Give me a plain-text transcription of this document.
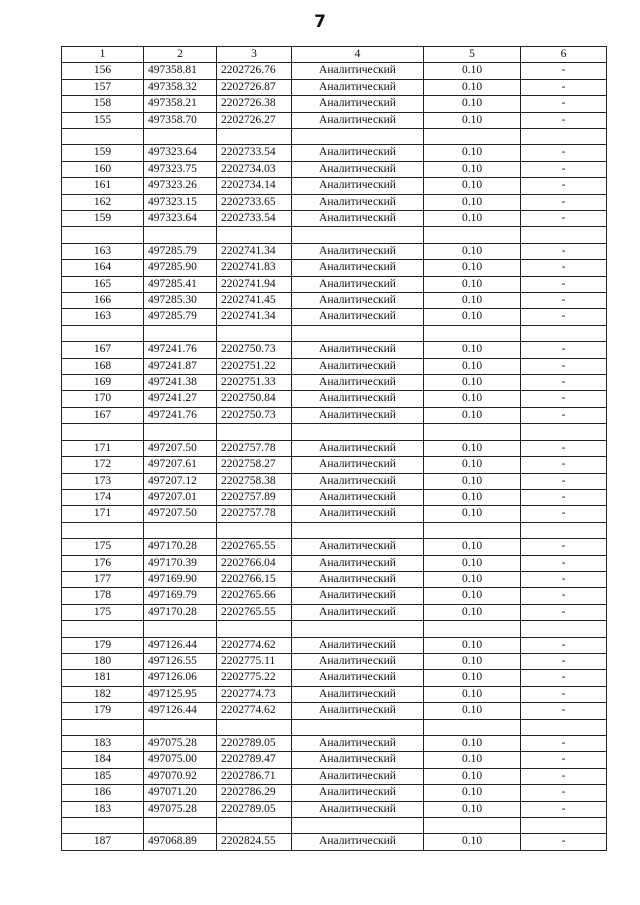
7
1	2	3	4	5	6
156	497358.81	2202726.76	Аналитический	0.10	-
157	497358.32	2202726.87	Аналитический	0.10	-
158	497358.21	2202726.38	Аналитический	0.10	-
155	497358.70	2202726.27	Аналитический	0.10	-

159	497323.64	2202733.54	Аналитический	0.10	-
160	497323.75	2202734.03	Аналитический	0.10	-
161	497323.26	2202734.14	Аналитический	0.10	-
162	497323.15	2202733.65	Аналитический	0.10	-
159	497323.64	2202733.54	Аналитический	0.10	-

163	497285.79	2202741.34	Аналитический	0.10	-
164	497285.90	2202741.83	Аналитический	0.10	-
165	497285.41	2202741.94	Аналитический	0.10	-
166	497285.30	2202741.45	Аналитический	0.10	-
163	497285.79	2202741.34	Аналитический	0.10	-

167	497241.76	2202750.73	Аналитический	0.10	-
168	497241.87	2202751.22	Аналитический	0.10	-
169	497241.38	2202751.33	Аналитический	0.10	-
170	497241.27	2202750.84	Аналитический	0.10	-
167	497241.76	2202750.73	Аналитический	0.10	-

171	497207.50	2202757.78	Аналитический	0.10	-
172	497207.61	2202758.27	Аналитический	0.10	-
173	497207.12	2202758.38	Аналитический	0.10	-
174	497207.01	2202757.89	Аналитический	0.10	-
171	497207.50	2202757.78	Аналитический	0.10	-

175	497170.28	2202765.55	Аналитический	0.10	-
176	497170.39	2202766.04	Аналитический	0.10	-
177	497169.90	2202766.15	Аналитический	0.10	-
178	497169.79	2202765.66	Аналитический	0.10	-
175	497170.28	2202765.55	Аналитический	0.10	-

179	497126.44	2202774.62	Аналитический	0.10	-
180	497126.55	2202775.11	Аналитический	0.10	-
181	497126.06	2202775.22	Аналитический	0.10	-
182	497125.95	2202774.73	Аналитический	0.10	-
179	497126.44	2202774.62	Аналитический	0.10	-

183	497075.28	2202789.05	Аналитический	0.10	-
184	497075.00	2202789.47	Аналитический	0.10	-
185	497070.92	2202786.71	Аналитический	0.10	-
186	497071.20	2202786.29	Аналитический	0.10	-
183	497075.28	2202789.05	Аналитический	0.10	-

187	497068.89	2202824.55	Аналитический	0.10	-
